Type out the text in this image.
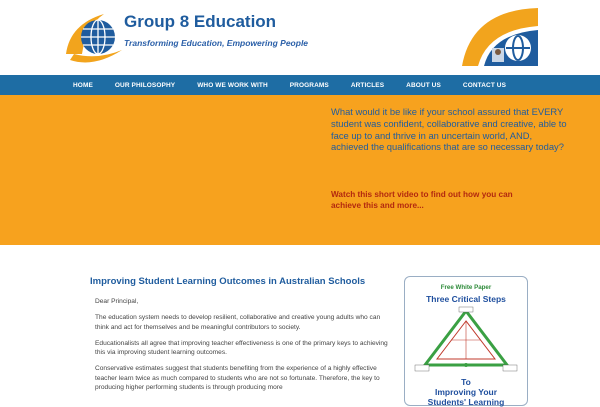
Group 8 Education
Transforming Education, Empowering People
HOME	OUR PHILOSOPHY	WHO WE WORK WITH	PROGRAMS	ARTICLES	ABOUT US	CONTACT US
What would it be like if your school assured that EVERY student was confident, collaborative and creative, able to face up to and thrive in an uncertain world, AND, achieved the qualifications that are so necessary today?
Watch this short video to find out how you can achieve this and more...
Improving Student Learning Outcomes in Australian Schools

Dear Principal,

The education system needs to develop resilient, collaborative and creative young adults who can think and act for themselves and be meaningful contributors to society.

Educationalists all agree that improving teacher effectiveness is one of the primary keys to achieving this via improving student learning outcomes.

Conservative estimates suggest that students benefiting from the experience of a highly effective teacher learn twice as much compared to students who are not so fortunate. Therefore, the key to producing higher performing students is through producing more

Free White Paper
Three Critical Steps
To
Improving Your
Students' Learning
